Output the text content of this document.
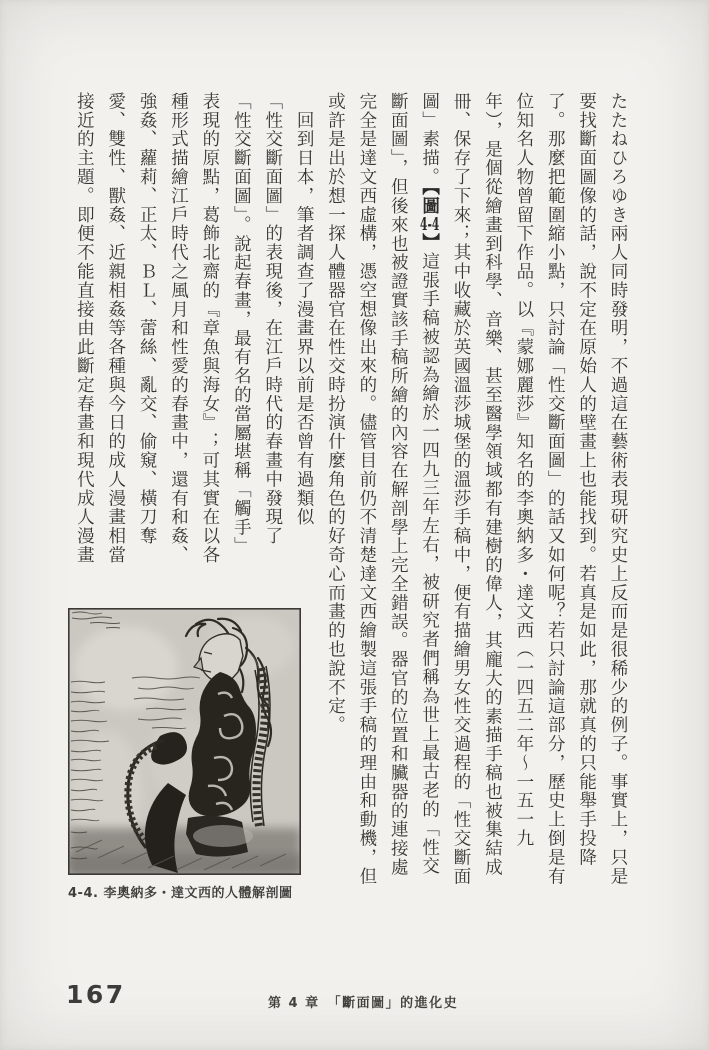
たたねひろゆき兩人同時發明，不過這在藝術表現研究史上反而是很稀少的例子。事實上，只是
要找斷面圖像的話，說不定在原始人的壁畫上也能找到。若真是如此，那就真的只能舉手投降
了。那麼把範圍縮小點，只討論「性交斷面圖」的話又如何呢？若只討論這部分，歷史上倒是有
位知名人物曾留下作品。以『蒙娜麗莎』知名的李奧納多・達文西（一四五二年～一五一九
年），是個從繪畫到科學、音樂、甚至醫學領域都有建樹的偉人，其龐大的素描手稿也被集結成
冊、保存了下來；其中收藏於英國溫莎城堡的溫莎手稿中，便有描繪男女性交過程的「性交斷面
圖」素描。【圖4-4】這張手稿被認為繪於一四九三年左右，被研究者們稱為世上最古老的「性交
斷面圖」，但後來也被證實該手稿所繪的內容在解剖學上完全錯誤。器官的位置和臟器的連接處
完全是達文西虛構，憑空想像出來的。儘管目前仍不清楚達文西繪製這張手稿的理由和動機，但
或許是出於想一探人體器官在性交時扮演什麼角色的好奇心而畫的也說不定。
　回到日本，筆者調查了漫畫界以前是否曾有過類似
「性交斷面圖」的表現後，在江戶時代的春畫中發現了
「性交斷面圖」。說起春畫，最有名的當屬堪稱「觸手」
表現的原點，葛飾北齋的『章魚與海女』；可其實在以各
種形式描繪江戶時代之風月和性愛的春畫中，還有和姦、
強姦、蘿莉、正太、ＢＬ、蕾絲、亂交、偷窺、橫刀奪
愛、雙性、獸姦、近親相姦等各種與今日的成人漫畫相當
接近的主題。即便不能直接由此斷定春畫和現代成人漫畫
4-4. 李奧納多・達文西的人體解剖圖
167	第 4 章　「斷面圖」的進化史
